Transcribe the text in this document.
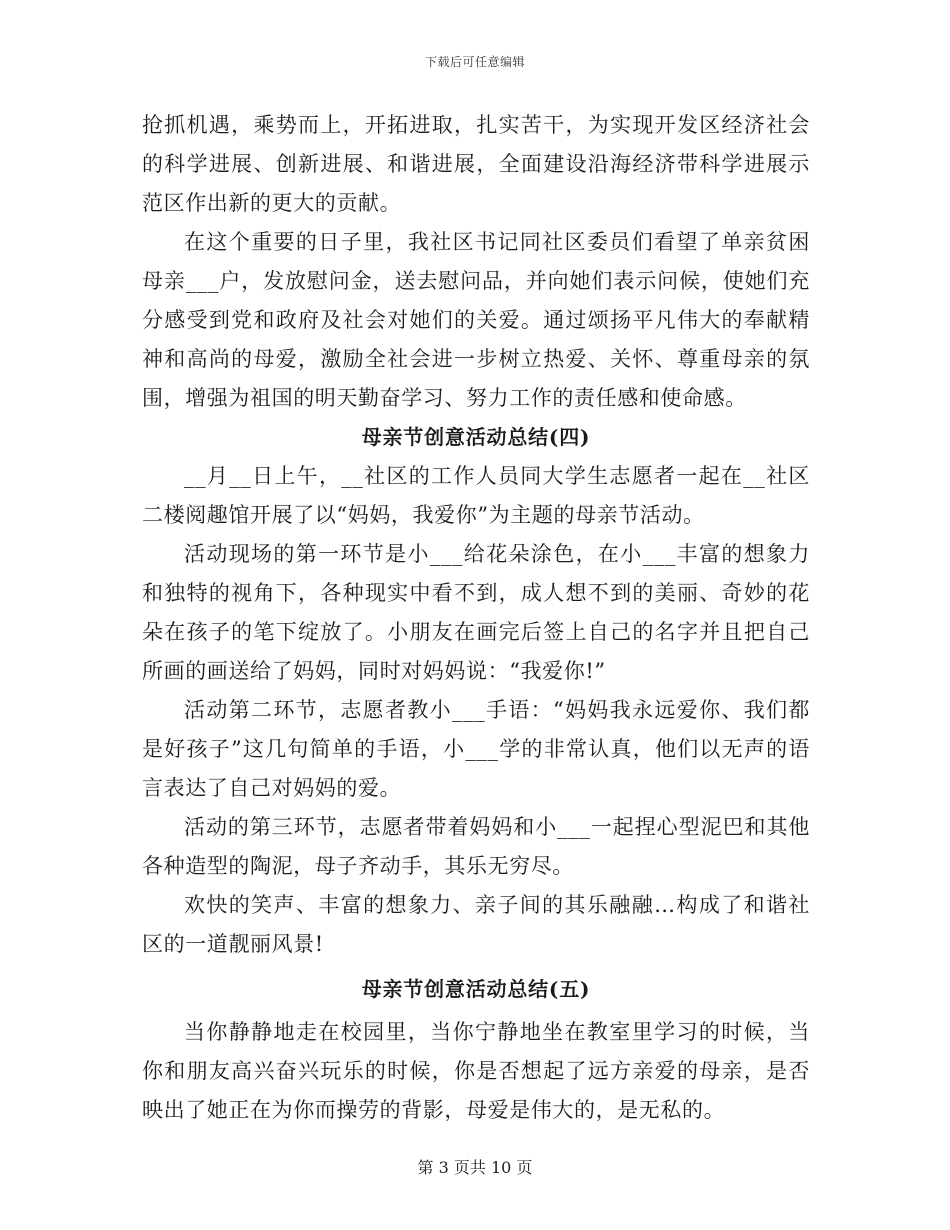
下载后可任意编辑

抢抓机遇，乘势而上，开拓进取，扎实苦干，为实现开发区经济社会的科学进展、创新进展、和谐进展，全面建设沿海经济带科学进展示范区作出新的更大的贡献。

在这个重要的日子里，我社区书记同社区委员们看望了单亲贫困母亲___户，发放慰问金，送去慰问品，并向她们表示问候，使她们充分感受到党和政府及社会对她们的关爱。通过颂扬平凡伟大的奉献精神和高尚的母爱，激励全社会进一步树立热爱、关怀、尊重母亲的氛围，增强为祖国的明天勤奋学习、努力工作的责任感和使命感。

母亲节创意活动总结(四)

__月__日上午，__社区的工作人员同大学生志愿者一起在__社区二楼阅趣馆开展了以“妈妈，我爱你”为主题的母亲节活动。

活动现场的第一环节是小___给花朵涂色，在小___丰富的想象力和独特的视角下，各种现实中看不到，成人想不到的美丽、奇妙的花朵在孩子的笔下绽放了。小朋友在画完后签上自己的名字并且把自己所画的画送给了妈妈，同时对妈妈说：“我爱你!”

活动第二环节，志愿者教小___手语：“妈妈我永远爱你、我们都是好孩子”这几句简单的手语，小___学的非常认真，他们以无声的语言表达了自己对妈妈的爱。

活动的第三环节，志愿者带着妈妈和小___一起捏心型泥巴和其他各种造型的陶泥，母子齐动手，其乐无穷尽。

欢快的笑声、丰富的想象力、亲子间的其乐融融…构成了和谐社区的一道靓丽风景!

母亲节创意活动总结(五)

当你静静地走在校园里，当你宁静地坐在教室里学习的时候，当你和朋友高兴奋兴玩乐的时候，你是否想起了远方亲爱的母亲，是否映出了她正在为你而操劳的背影，母爱是伟大的，是无私的。

第 3 页共 10 页
